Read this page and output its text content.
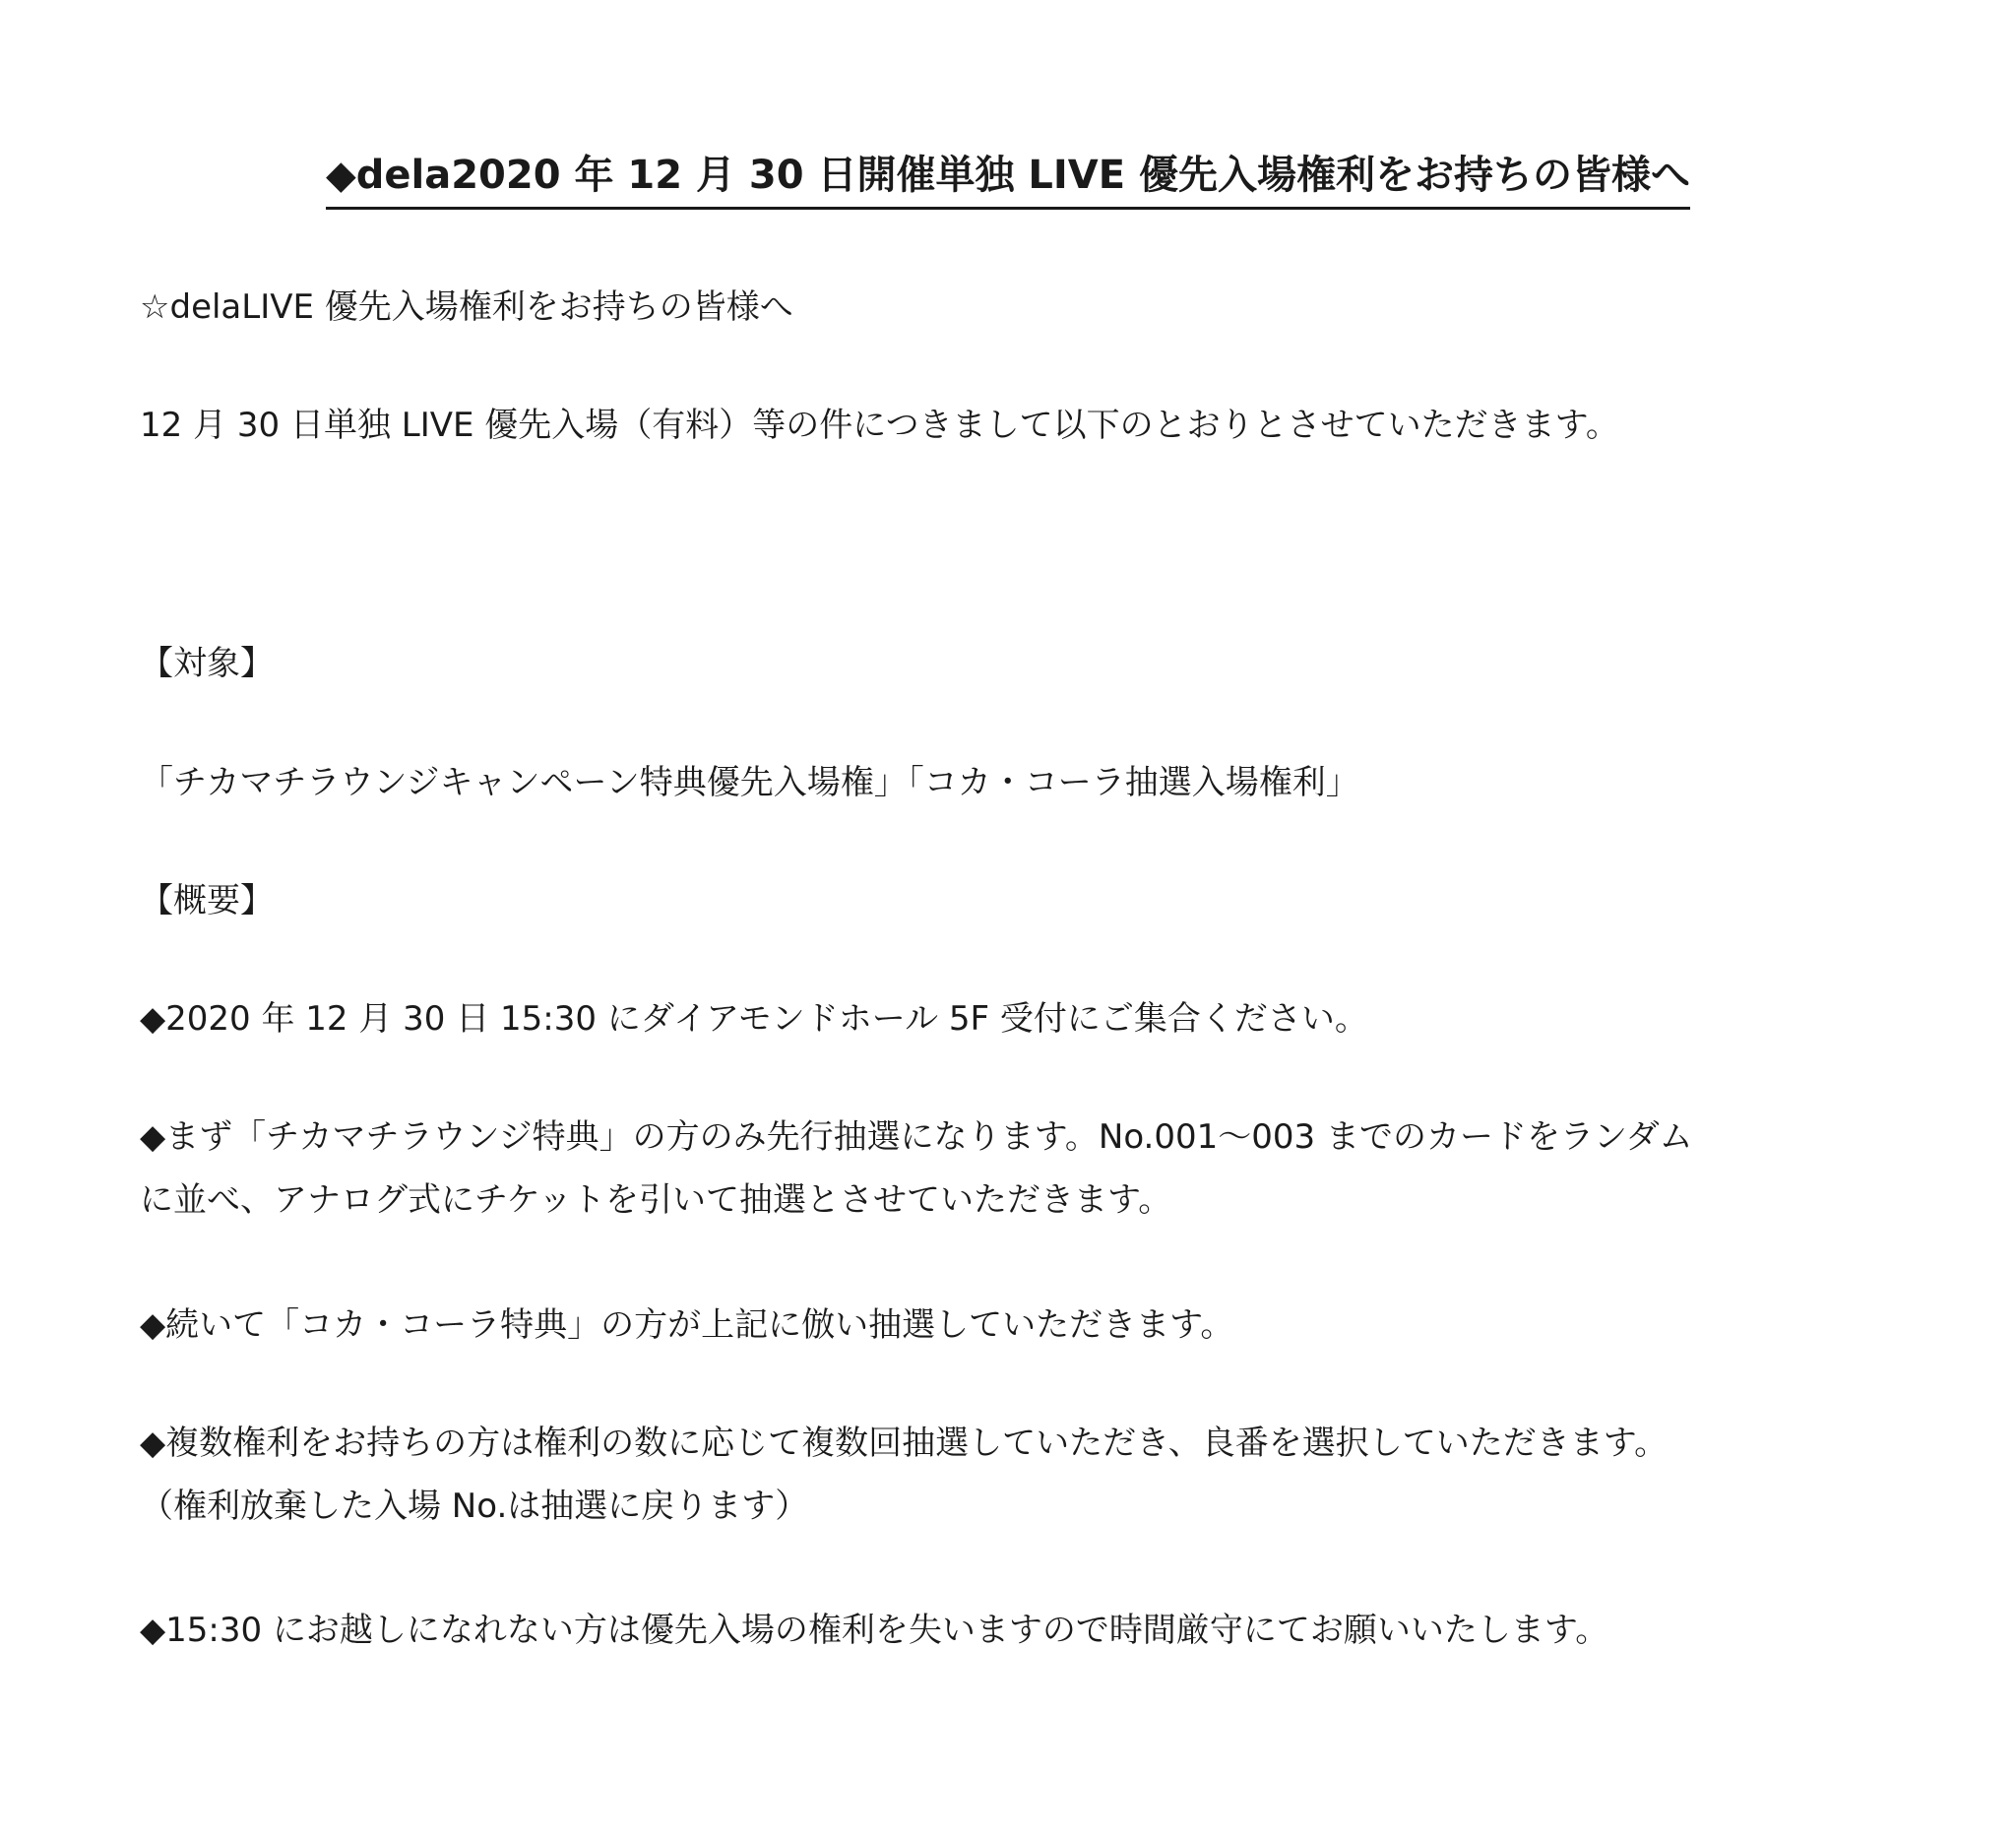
◆dela2020 年 12 月 30 日開催単独 LIVE 優先入場権利をお持ちの皆様へ
☆delaLIVE 優先入場権利をお持ちの皆様へ
12 月 30 日単独 LIVE 優先入場（有料）等の件につきまして以下のとおりとさせていただきます。
【対象】
「チカマチラウンジキャンペーン特典優先入場権」「コカ・コーラ抽選入場権利」
【概要】
◆2020 年 12 月 30 日 15:30 にダイアモンドホール 5F 受付にご集合ください。
◆まず「チカマチラウンジ特典」の方のみ先行抽選になります。No.001〜003 までのカードをランダム
に並べ、アナログ式にチケットを引いて抽選とさせていただきます。
◆続いて「コカ・コーラ特典」の方が上記に倣い抽選していただきます。
◆複数権利をお持ちの方は権利の数に応じて複数回抽選していただき、良番を選択していただきます。
（権利放棄した入場 No.は抽選に戻ります）
◆15:30 にお越しになれない方は優先入場の権利を失いますので時間厳守にてお願いいたします。
